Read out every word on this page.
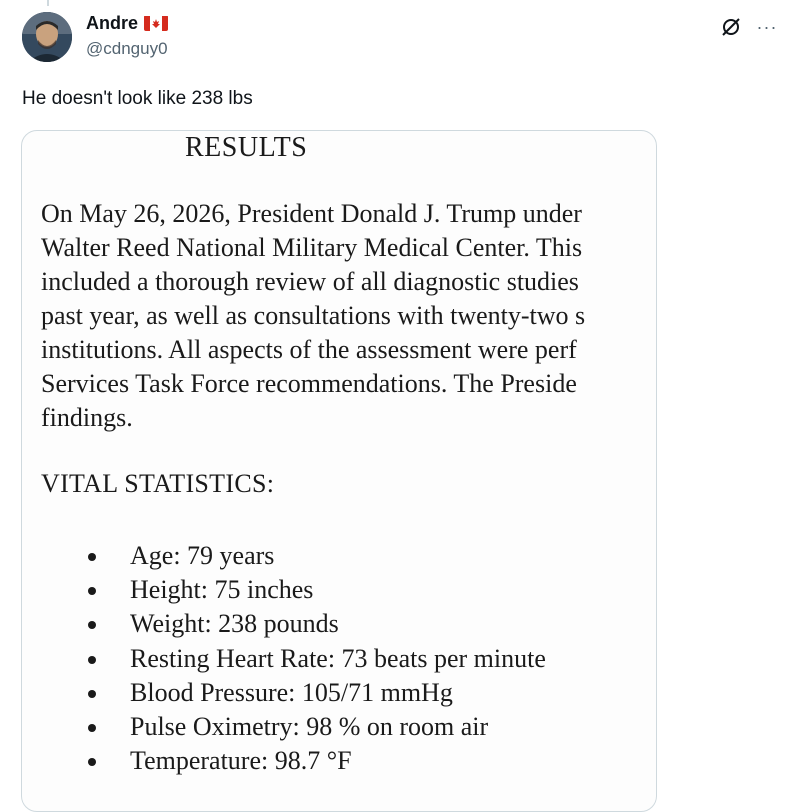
Andre
@cdnguy0
···
He doesn't look like 238 lbs
RESULTS
On May 26, 2026, President Donald J. Trump under
Walter Reed National Military Medical Center. This
included a thorough review of all diagnostic studies
past year, as well as consultations with twenty-two s
institutions. All aspects of the assessment were perf
Services Task Force recommendations. The Preside
findings.
VITAL STATISTICS:
Age: 79 years
Height: 75 inches
Weight: 238 pounds
Resting Heart Rate: 73 beats per minute
Blood Pressure: 105/71 mmHg
Pulse Oximetry: 98 % on room air
Temperature: 98.7 °F
